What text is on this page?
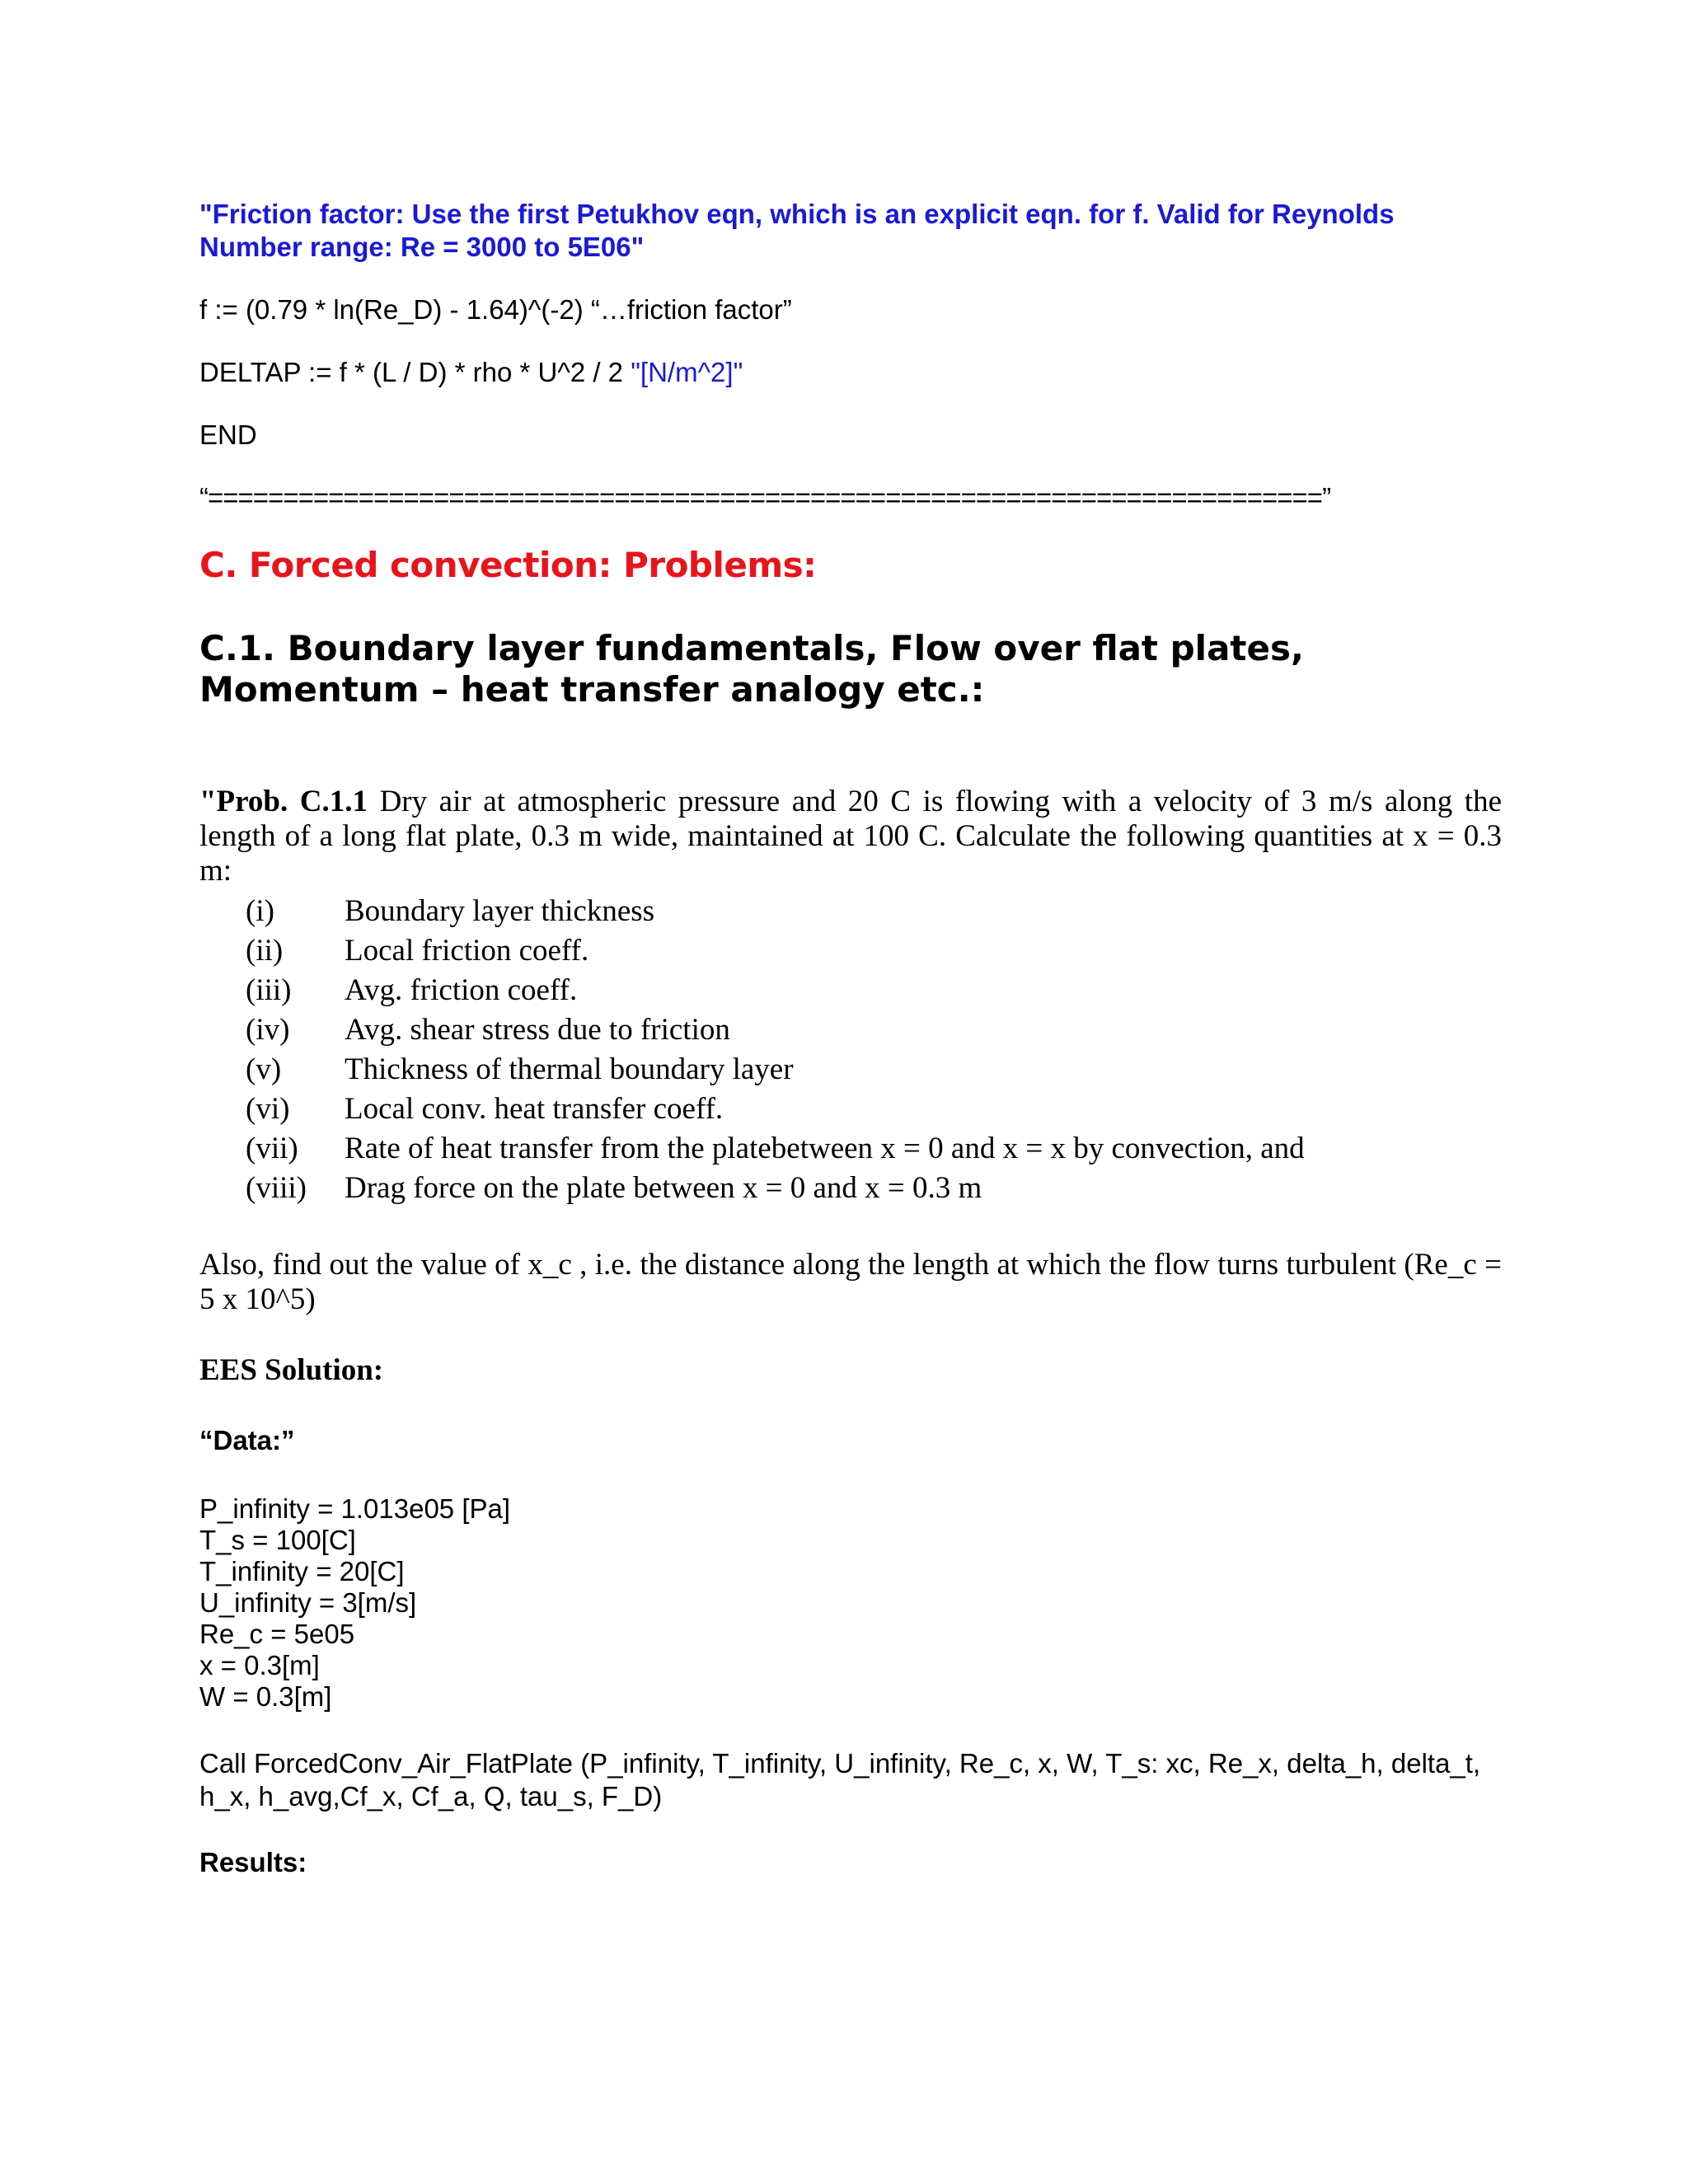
"Friction factor: Use the first Petukhov eqn, which is an explicit eqn. for f. Valid for Reynolds Number range: Re = 3000 to 5E06"

f := (0.79 * ln(Re_D) - 1.64)^(-2) “…friction factor”

DELTAP := f * (L / D) * rho * U^2 / 2 "[N/m^2]"

END

“==========================================================================”

C. Forced convection: Problems:

C.1. Boundary layer fundamentals, Flow over flat plates, Momentum – heat transfer analogy etc.:

"Prob. C.1.1 Dry air at atmospheric pressure and 20 C is flowing with a velocity of 3 m/s along the length of a long flat plate, 0.3 m wide, maintained at 100 C. Calculate the following quantities at x = 0.3 m:

(i)	Boundary layer thickness
(ii)	Local friction coeff.
(iii)	Avg. friction coeff.
(iv)	Avg. shear stress due to friction
(v)	Thickness of thermal boundary layer
(vi)	Local conv. heat transfer coeff.
(vii)	Rate of heat transfer from the platebetween x = 0 and x = x by convection, and
(viii)	Drag force on the plate between x = 0 and x = 0.3 m

Also, find out the value of x_c , i.e. the distance along the length at which the flow turns turbulent (Re_c = 5 x 10^5)

EES Solution:

“Data:”

P_infinity = 1.013e05 [Pa]

T_s = 100[C]

T_infinity = 20[C]

U_infinity = 3[m/s]

Re_c = 5e05

x = 0.3[m]

W = 0.3[m]

Call ForcedConv_Air_FlatPlate (P_infinity, T_infinity, U_infinity, Re_c, x, W, T_s: xc, Re_x, delta_h, delta_t, h_x, h_avg,Cf_x, Cf_a, Q, tau_s, F_D)

Results:
